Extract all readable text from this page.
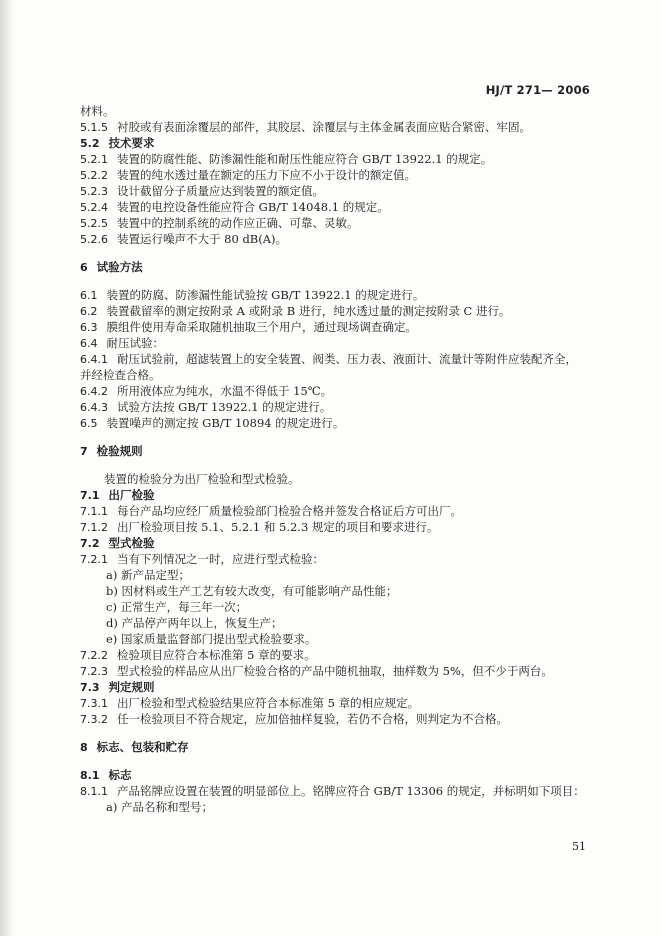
HJ/T 271— 2006
材料。
5.1.5 衬胶或有表面涂覆层的部件，其胶层、涂覆层与主体金属表面应贴合紧密、牢固。
5.2 技术要求
5.2.1 装置的防腐性能、防渗漏性能和耐压性能应符合 GB/T 13922.1 的规定。
5.2.2 装置的纯水透过量在额定的压力下应不小于设计的额定值。
5.2.3 设计截留分子质量应达到装置的额定值。
5.2.4 装置的电控设备性能应符合 GB/T 14048.1 的规定。
5.2.5 装置中的控制系统的动作应正确、可靠、灵敏。
5.2.6 装置运行噪声不大于 80 dB(A)。
6 试验方法
6.1 装置的防腐、防渗漏性能试验按 GB/T 13922.1 的规定进行。
6.2 装置截留率的测定按附录 A 或附录 B 进行，纯水透过量的测定按附录 C 进行。
6.3 膜组件使用寿命采取随机抽取三个用户，通过现场调查确定。
6.4 耐压试验：
6.4.1 耐压试验前，超滤装置上的安全装置、阀类、压力表、液面计、流量计等附件应装配齐全，
并经检查合格。
6.4.2 所用液体应为纯水，水温不得低于 15℃。
6.4.3 试验方法按 GB/T 13922.1 的规定进行。
6.5 装置噪声的测定按 GB/T 10894 的规定进行。
7 检验规则
装置的检验分为出厂检验和型式检验。
7.1 出厂检验
7.1.1 每台产品均应经厂质量检验部门检验合格并签发合格证后方可出厂。
7.1.2 出厂检验项目按 5.1、5.2.1 和 5.2.3 规定的项目和要求进行。
7.2 型式检验
7.2.1 当有下列情况之一时，应进行型式检验：
a) 新产品定型；
b) 因材料或生产工艺有较大改变，有可能影响产品性能；
c) 正常生产，每三年一次；
d) 产品停产两年以上，恢复生产；
e) 国家质量监督部门提出型式检验要求。
7.2.2 检验项目应符合本标准第 5 章的要求。
7.2.3 型式检验的样品应从出厂检验合格的产品中随机抽取，抽样数为 5%，但不少于两台。
7.3 判定规则
7.3.1 出厂检验和型式检验结果应符合本标准第 5 章的相应规定。
7.3.2 任一检验项目不符合规定，应加倍抽样复验，若仍不合格，则判定为不合格。
8 标志、包装和贮存
8.1 标志
8.1.1 产品铭牌应设置在装置的明显部位上。铭牌应符合 GB/T 13306 的规定，并标明如下项目：
a) 产品名称和型号；
51
